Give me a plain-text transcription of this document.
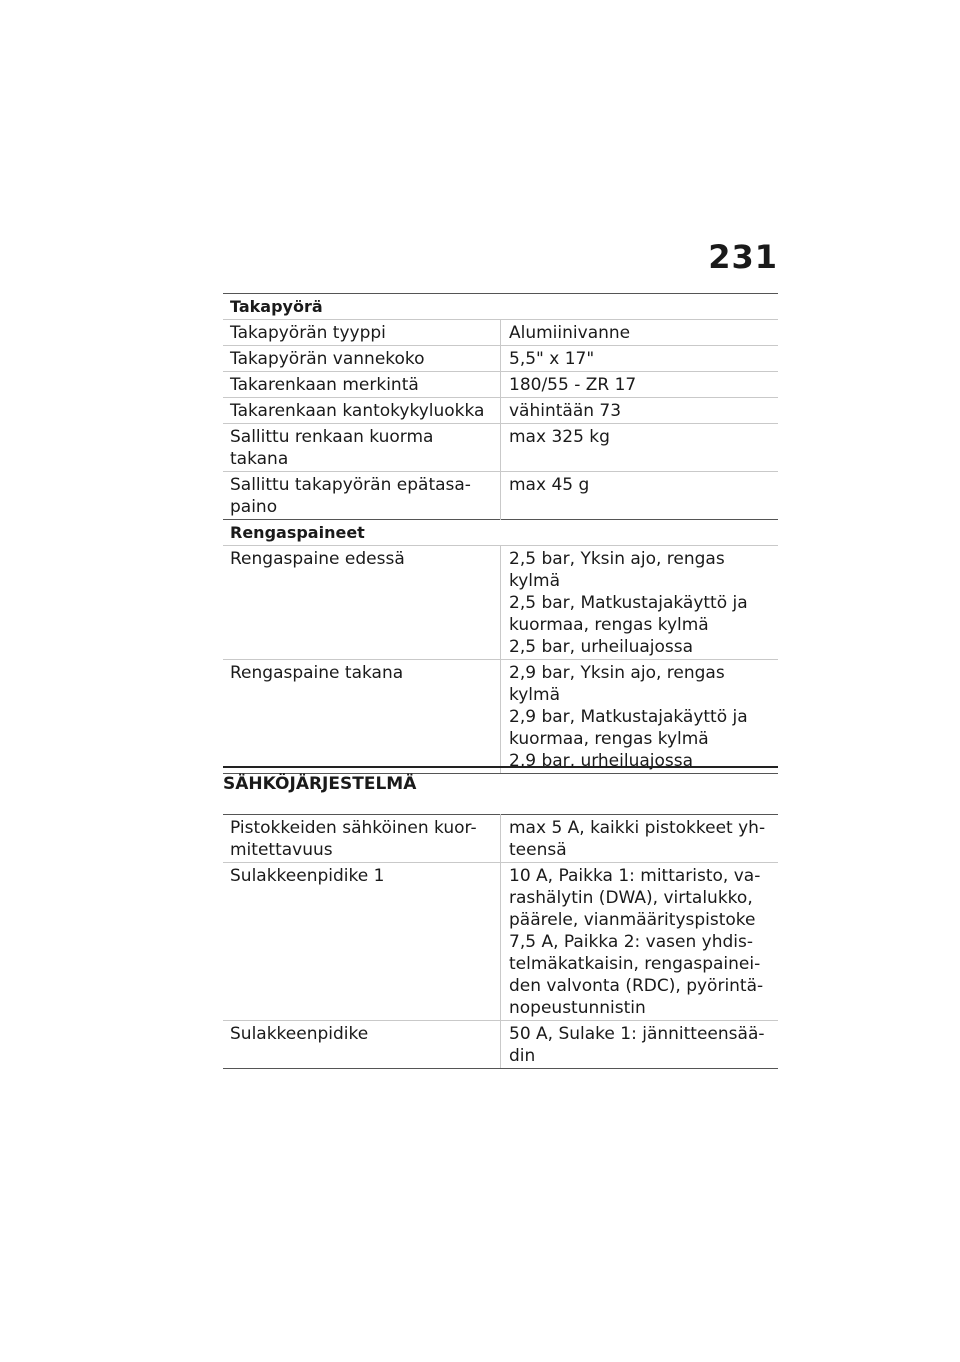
231
Takapyörä	
Takapyörän tyyppi	Alumiinivanne

Takapyörän vannekoko	5,5" x 17"

Takarenkaan merkintä	180/55 - ZR 17

Takarenkaan kantokykyluokka	vähintään 73

Sallittu renkaan kuorma takana	max 325 kg

Sallittu takapyörän epätasa-paino	max 45 g

Rengaspaineet	
Rengaspaine edessä	2,5 bar, Yksin ajo, rengas kylmä
2,5 bar, Matkustajakäyttö ja kuormaa, rengas kylmä
2,5 bar, urheiluajossa

Rengaspaine takana	2,9 bar, Yksin ajo, rengas kylmä
2,9 bar, Matkustajakäyttö ja kuormaa, rengas kylmä
2,9 bar, urheiluajossa
SÄHKÖJÄRJESTELMÄ
Pistokkeiden sähköinen kuor-mitettavuus	max 5 A, kaikki pistokkeet yh-teensä

Sulakkeenpidike 1	10 A, Paikka 1: mittaristo, va-rashälytin (DWA), virtalukko, päärele, vianmäärityspistoke
7,5 A, Paikka 2: vasen yhdis-telmäkatkaisin, rengaspainei-den valvonta (RDC), pyörintä-nopeustunnistin

Sulakkeenpidike	50 A, Sulake 1: jännitteensää-din
